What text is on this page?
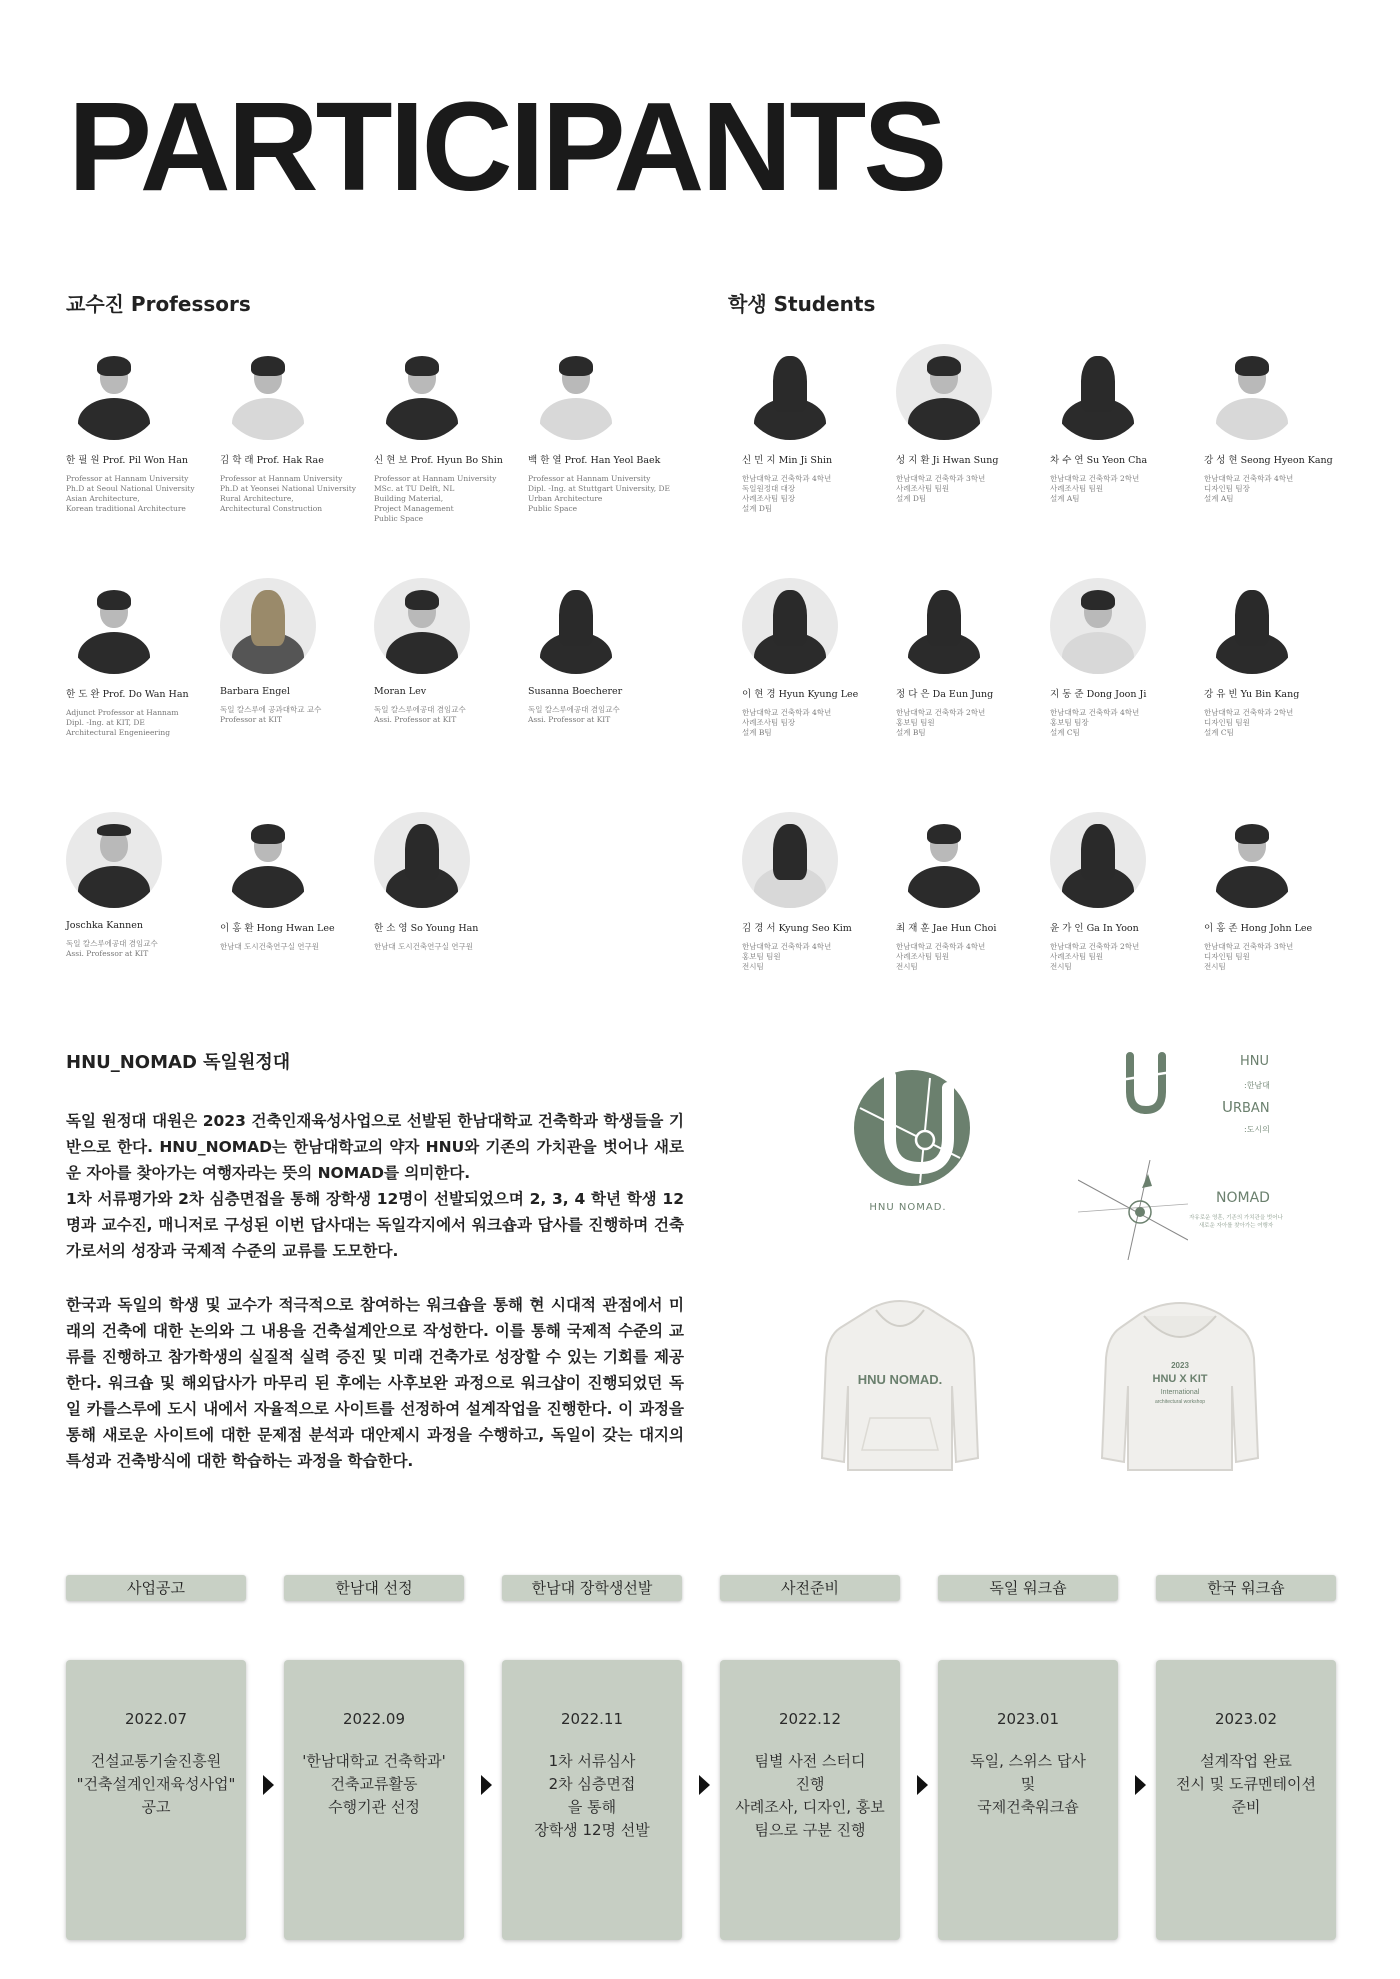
PARTICIPANTS
교수진 Professors	학생 Students
한 필 원 Prof. Pil Won Han
Professor at Hannam University
Ph.D at Seoul National University
Asian Architecture,
Korean traditional Architecture
김 학 래 Prof. Hak Rae
Professor at Hannam University
Ph.D at Yeonsei National University
Rural Architecture,
Architectural Construction
신 현 보 Prof. Hyun Bo Shin
Professor at Hannam University
MSc. at TU Delft, NL
Building Material,
Project Management
Public Space
백 한 열 Prof. Han Yeol Baek
Professor at Hannam University
Dipl. -Ing. at Stuttgart University, DE
Urban Architecture
Public Space
한 도 완 Prof. Do Wan Han
Adjunct Professor at Hannam
Dipl. -Ing. at KIT, DE
Architectural Engenieering
Barbara Engel
독일 칼스루에 공과대학교 교수
Professor at KIT
Moran Lev
독일 칼스루에공대 겸임교수
Assi. Professor at KIT
Susanna Boecherer
독일 칼스루에공대 겸임교수
Assi. Professor at KIT
Joschka Kannen
독일 칼스루에공대 겸임교수
Assi. Professor at KIT
이 홍 환 Hong Hwan Lee
한남대 도시건축연구실 연구원
한 소 영 So Young Han
한남대 도시건축연구실 연구원
신 민 지 Min Ji Shin
한남대학교 건축학과 4학년
독일원정대 대장
사례조사팀 팀장
설계 D팀
성 지 환 Ji Hwan Sung
한남대학교 건축학과 3학년
사례조사팀 팀원
설계 D팀
차 수 연 Su Yeon Cha
한남대학교 건축학과 2학년
사례조사팀 팀원
설계 A팀
강 성 현 Seong Hyeon Kang
한남대학교 건축학과 4학년
디자인팀 팀장
설계 A팀
이 현 경 Hyun Kyung Lee
한남대학교 건축학과 4학년
사례조사팀 팀장
설계 B팀
정 다 은 Da Eun Jung
한남대학교 건축학과 2학년
홍보팀 팀원
설계 B팀
지 동 준 Dong Joon Ji
한남대학교 건축학과 4학년
홍보팀 팀장
설계 C팀
강 유 빈 Yu Bin Kang
한남대학교 건축학과 2학년
디자인팀 팀원
설계 C팀
김 경 서 Kyung Seo Kim
한남대학교 건축학과 4학년
홍보팀 팀원
전시팀
최 재 훈 Jae Hun Choi
한남대학교 건축학과 4학년
사례조사팀 팀원
전시팀
윤 가 인 Ga In Yoon
한남대학교 건축학과 2학년
사례조사팀 팀원
전시팀
이 홍 존 Hong John Lee
한남대학교 건축학과 3학년
디자인팀 팀원
전시팀
HNU_NOMAD 독일원정대

독일 원정대 대원은 2023 건축인재육성사업으로 선발된 한남대학교 건축학과 학생들을 기반으로 한다. HNU_NOMAD는 한남대학교의 약자 HNU와 기존의 가치관을 벗어나 새로운 자아를 찾아가는 여행자라는 뜻의 NOMAD를 의미한다.

1차 서류평가와 2차 심층면접을 통해 장학생 12명이 선발되었으며 2, 3, 4 학년 학생 12명과 교수진, 매니저로 구성된 이번 답사대는 독일각지에서 워크숍과 답사를 진행하며 건축가로서의 성장과 국제적 수준의 교류를 도모한다.

한국과 독일의 학생 및 교수가 적극적으로 참여하는 워크숍을 통해 현 시대적 관점에서 미래의 건축에 대한 논의와 그 내용을 건축설계안으로 작성한다. 이를 통해 국제적 수준의 교류를 진행하고 참가학생의 실질적 실력 증진 및 미래 건축가로 성장할 수 있는 기회를 제공한다. 워크숍 및 해외답사가 마무리 된 후에는 사후보완 과정으로 워크샵이 진행되었던 독일 카를스루에 도시 내에서 자율적으로 사이트를 선정하여 설계작업을 진행한다. 이 과정을 통해 새로운 사이트에 대한 문제점 분석과 대안제시 과정을 수행하고, 독일이 갖는 대지의 특성과 건축방식에 대한 학습하는 과정을 학습한다.

HNU NOMAD.
HNU
:한남대
URBAN
:도시의
NOMAD
자유로운 영혼, 기존의 가치관을 벗어나
새로운 자아를 찾아가는 여행자
HNU NOMAD.
2023
HNU X KIT
International
architectural workshop
사업공고	한남대 선정	한남대 장학생선발	사전준비	독일 워크숍	한국 워크숍
2022.07
건설교통기술진흥원
"건축설계인재육성사업"
공고
2022.09
'한남대학교 건축학과'
건축교류활동
수행기관 선정
2022.11
1차 서류심사
2차 심층면접
을 통해
장학생 12명 선발
2022.12
팀별 사전 스터디
진행
사례조사, 디자인, 홍보
팀으로 구분 진행
2023.01
독일, 스위스 답사
및
국제건축워크숍
2023.02
설계작업 완료
전시 및 도큐멘테이션
준비
